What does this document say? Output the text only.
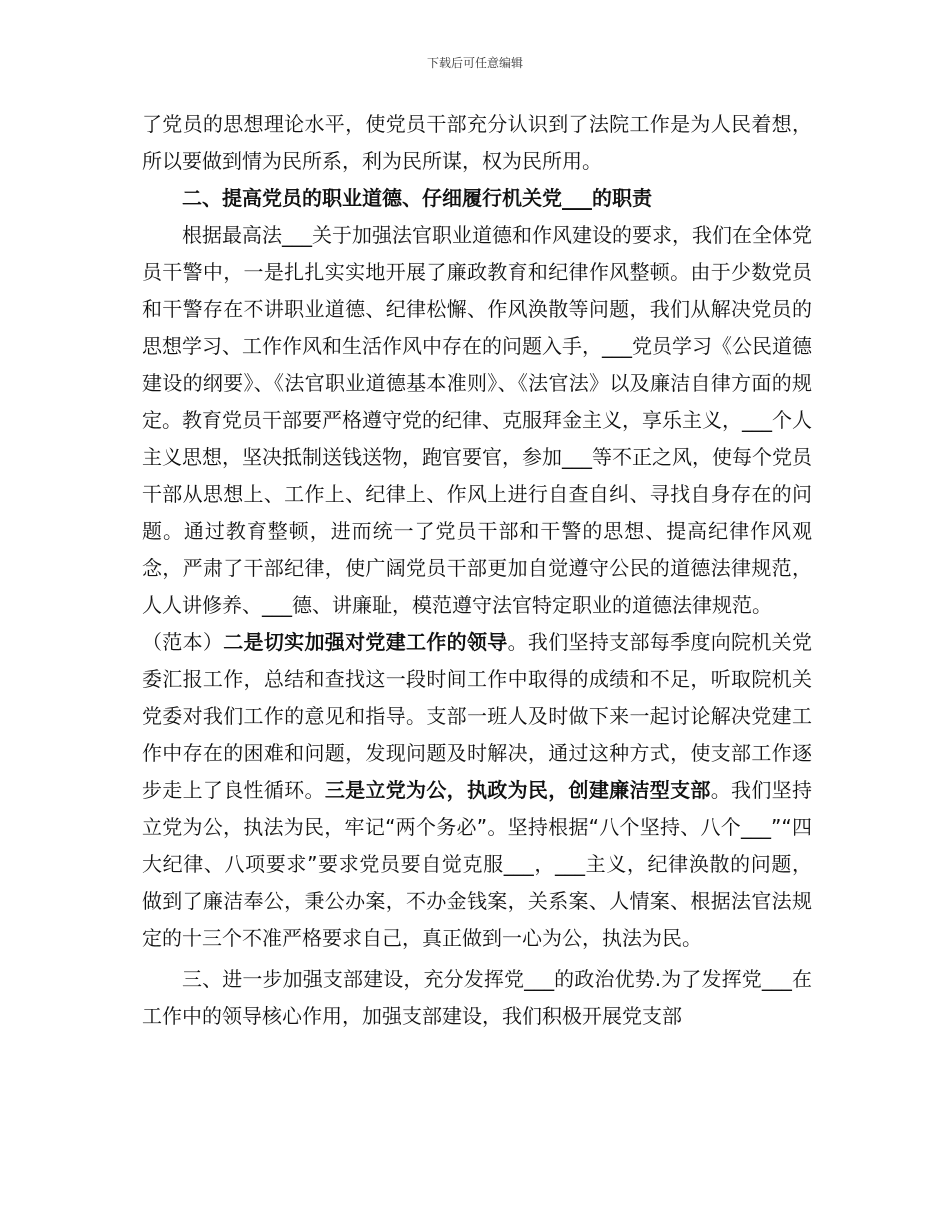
下载后可任意编辑

了党员的思想理论水平，使党员干部充分认识到了法院工作是为人民着想，所以要做到情为民所系，利为民所谋，权为民所用。

二、提高党员的职业道德、仔细履行机关党___的职责

根据最高法___关于加强法官职业道德和作风建设的要求，我们在全体党员干警中，一是扎扎实实地开展了廉政教育和纪律作风整顿。由于少数党员和干警存在不讲职业道德、纪律松懈、作风涣散等问题，我们从解决党员的思想学习、工作作风和生活作风中存在的问题入手，___党员学习《公民道德建设的纲要》、《法官职业道德基本准则》、《法官法》以及廉洁自律方面的规定。教育党员干部要严格遵守党的纪律、克服拜金主义，享乐主义，___个人主义思想，坚决抵制送钱送物，跑官要官，参加___等不正之风，使每个党员干部从思想上、工作上、纪律上、作风上进行自查自纠、寻找自身存在的问题。通过教育整顿，进而统一了党员干部和干警的思想、提高纪律作风观念，严肃了干部纪律，使广阔党员干部更加自觉遵守公民的道德法律规范，人人讲修养、___德、讲廉耻，模范遵守法官特定职业的道德法律规范。

（范本）二是切实加强对党建工作的领导。我们坚持支部每季度向院机关党委汇报工作，总结和查找这一段时间工作中取得的成绩和不足，听取院机关党委对我们工作的意见和指导。支部一班人及时做下来一起讨论解决党建工作中存在的困难和问题，发现问题及时解决，通过这种方式，使支部工作逐步走上了良性循环。三是立党为公，执政为民，创建廉洁型支部。我们坚持立党为公，执法为民，牢记“两个务必”。坚持根据“八个坚持、八个___”“四大纪律、八项要求”要求党员要自觉克服___，___主义，纪律涣散的问题，做到了廉洁奉公，秉公办案，不办金钱案，关系案、人情案、根据法官法规定的十三个不准严格要求自己，真正做到一心为公，执法为民。

三、进一步加强支部建设，充分发挥党___的政治优势.为了发挥党___在工作中的领导核心作用，加强支部建设，我们积极开展党支部
